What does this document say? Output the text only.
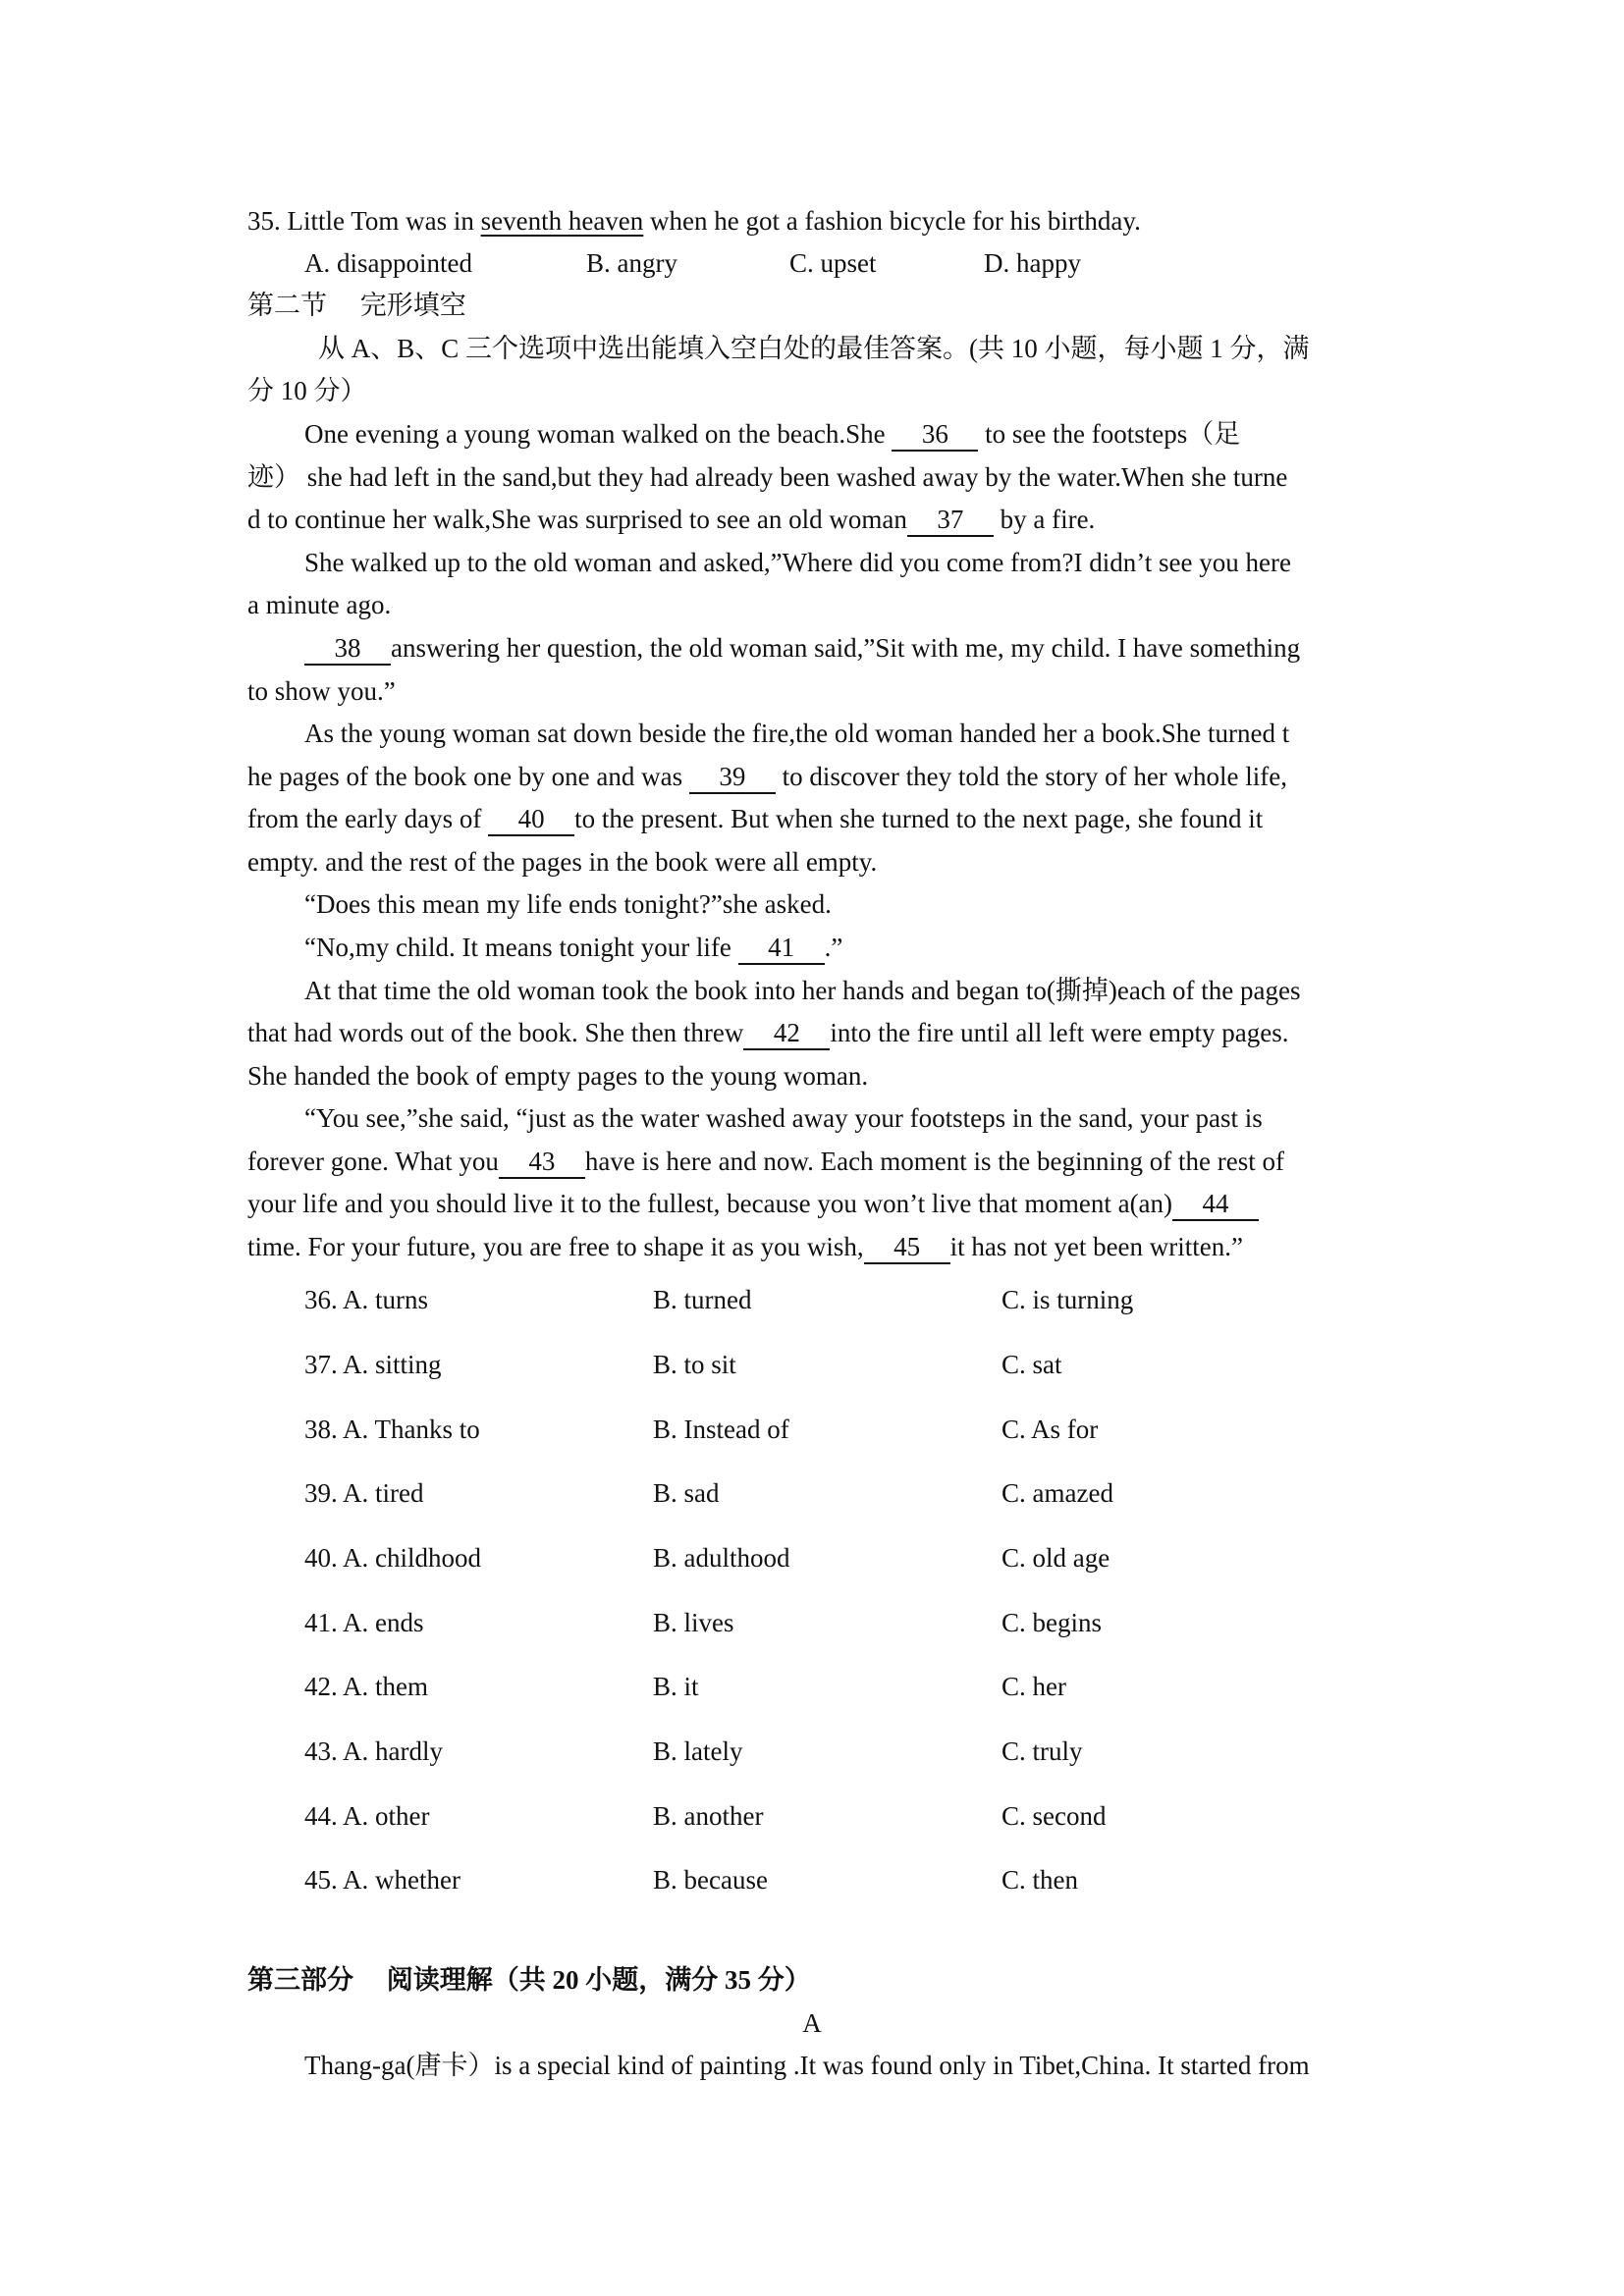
35. Little Tom was in seventh heaven when he got a fashion bicycle for his birthday.
A. disappointed	B. angry	C. upset	D. happy
第二节　 完形填空
从 A、B、C 三个选项中选出能填入空白处的最佳答案。(共 10 小题，每小题 1 分，满
分 10 分）
One evening a young woman walked on the beach.She 36 to see the footsteps（足
迹） she had left in the sand,but they had already been washed away by the water.When she turne
d to continue her walk,She was surprised to see an old woman 37 by a fire.
She walked up to the old woman and asked,”Where did you come from?I didn’t see you here
a minute ago.
38 answering her question, the old woman said,”Sit with me, my child. I have something
to show you.”
As the young woman sat down beside the fire,the old woman handed her a book.She turned t
he pages of the book one by one and was 39 to discover they told the story of her whole life,
from the early days of 40 to the present. But when she turned to the next page, she found it
empty. and the rest of the pages in the book were all empty.
“Does this mean my life ends tonight?”she asked.
“No,my child. It means tonight your life 41 .”
At that time the old woman took the book into her hands and began to(撕掉)each of the pages
that had words out of the book. She then threw 42 into the fire until all left were empty pages.
She handed the book of empty pages to the young woman.
“You see,”she said, “just as the water washed away your footsteps in the sand, your past is
forever gone. What you 43 have is here and now. Each moment is the beginning of the rest of
your life and you should live it to the fullest, because you won’t live that moment a(an) 44
time. For your future, you are free to shape it as you wish, 45 it has not yet been written.”
36. A. turns	B. turned	C. is turning
37. A. sitting	B. to sit	C. sat
38. A. Thanks to	B. Instead of	C. As for
39. A. tired	B. sad	C. amazed
40. A. childhood	B. adulthood	C. old age
41. A. ends	B. lives	C. begins
42. A. them	B. it	C. her
43. A. hardly	B. lately	C. truly
44. A. other	B. another	C. second
45. A. whether	B. because	C. then
第三部分　 阅读理解（共 20 小题，满分 35 分）
A
Thang-ga(唐卡）is a special kind of painting .It was found only in Tibet,China. It started from
